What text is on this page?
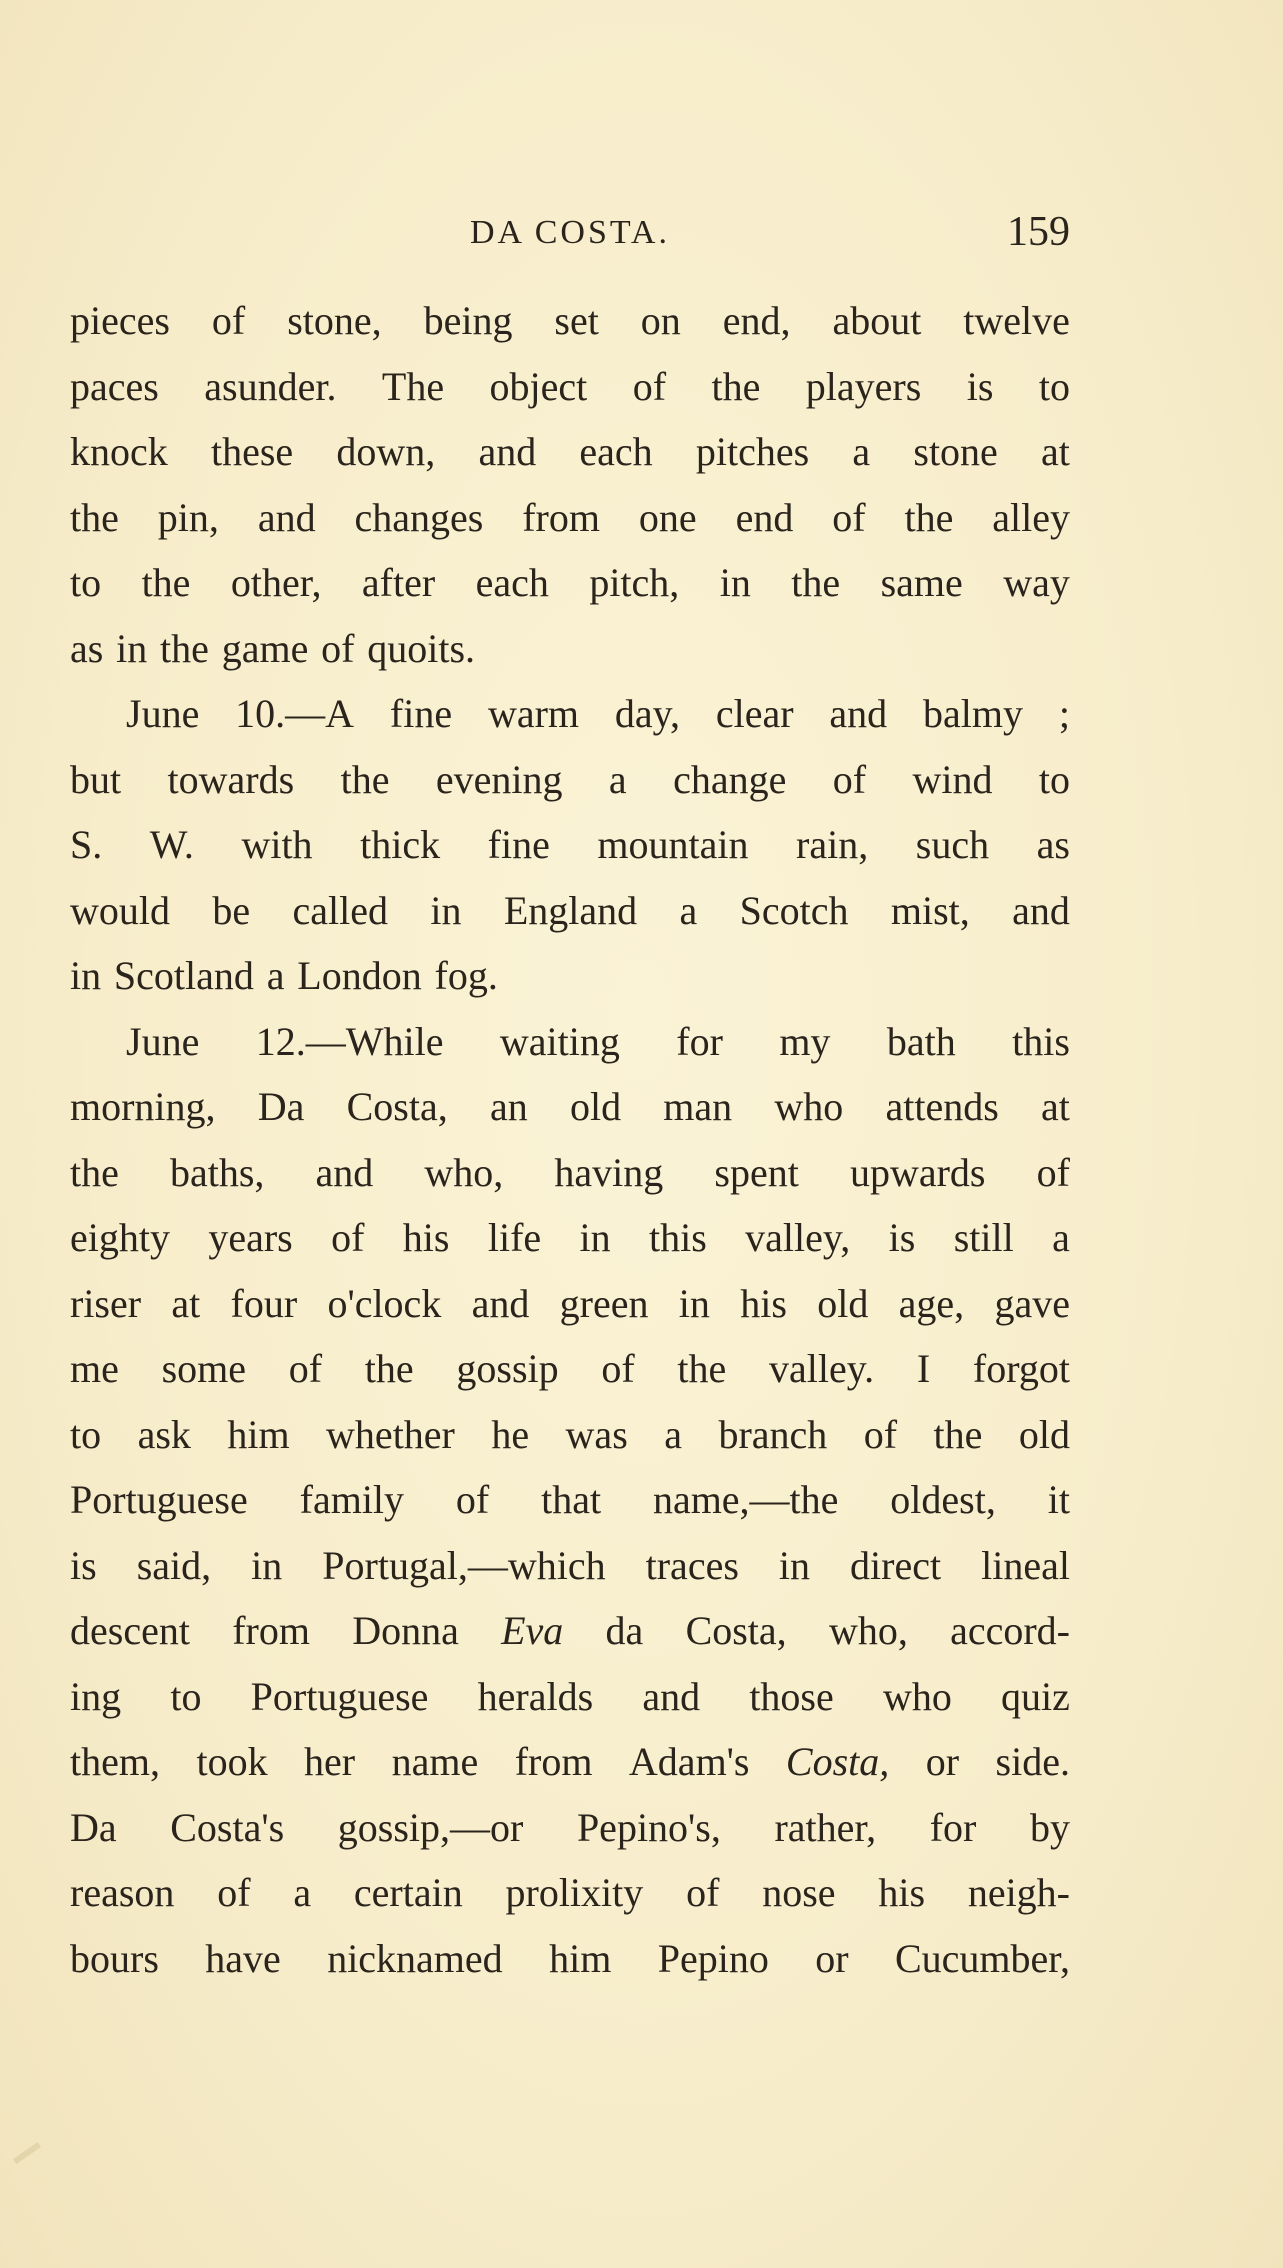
DA COSTA.	159
pieces of stone, being set on end, about twelve
paces asunder. The object of the players is to
knock these down, and each pitches a stone at
the pin, and changes from one end of the alley
to the other, after each pitch, in the same way
as in the game of quoits.
June 10.—A fine warm day, clear and balmy ;
but towards the evening a change of wind to
S. W. with thick fine mountain rain, such as
would be called in England a Scotch mist, and
in Scotland a London fog.
June 12.—While waiting for my bath this
morning, Da Costa, an old man who attends at
the baths, and who, having spent upwards of
eighty years of his life in this valley, is still a
riser at four o'clock and green in his old age, gave
me some of the gossip of the valley. I forgot
to ask him whether he was a branch of the old
Portuguese family of that name,—the oldest, it
is said, in Portugal,—which traces in direct lineal
descent from Donna Eva da Costa, who, accord-
ing to Portuguese heralds and those who quiz
them, took her name from Adam's Costa, or side.
Da Costa's gossip,—or Pepino's, rather, for by
reason of a certain prolixity of nose his neigh-
bours have nicknamed him Pepino or Cucumber,
